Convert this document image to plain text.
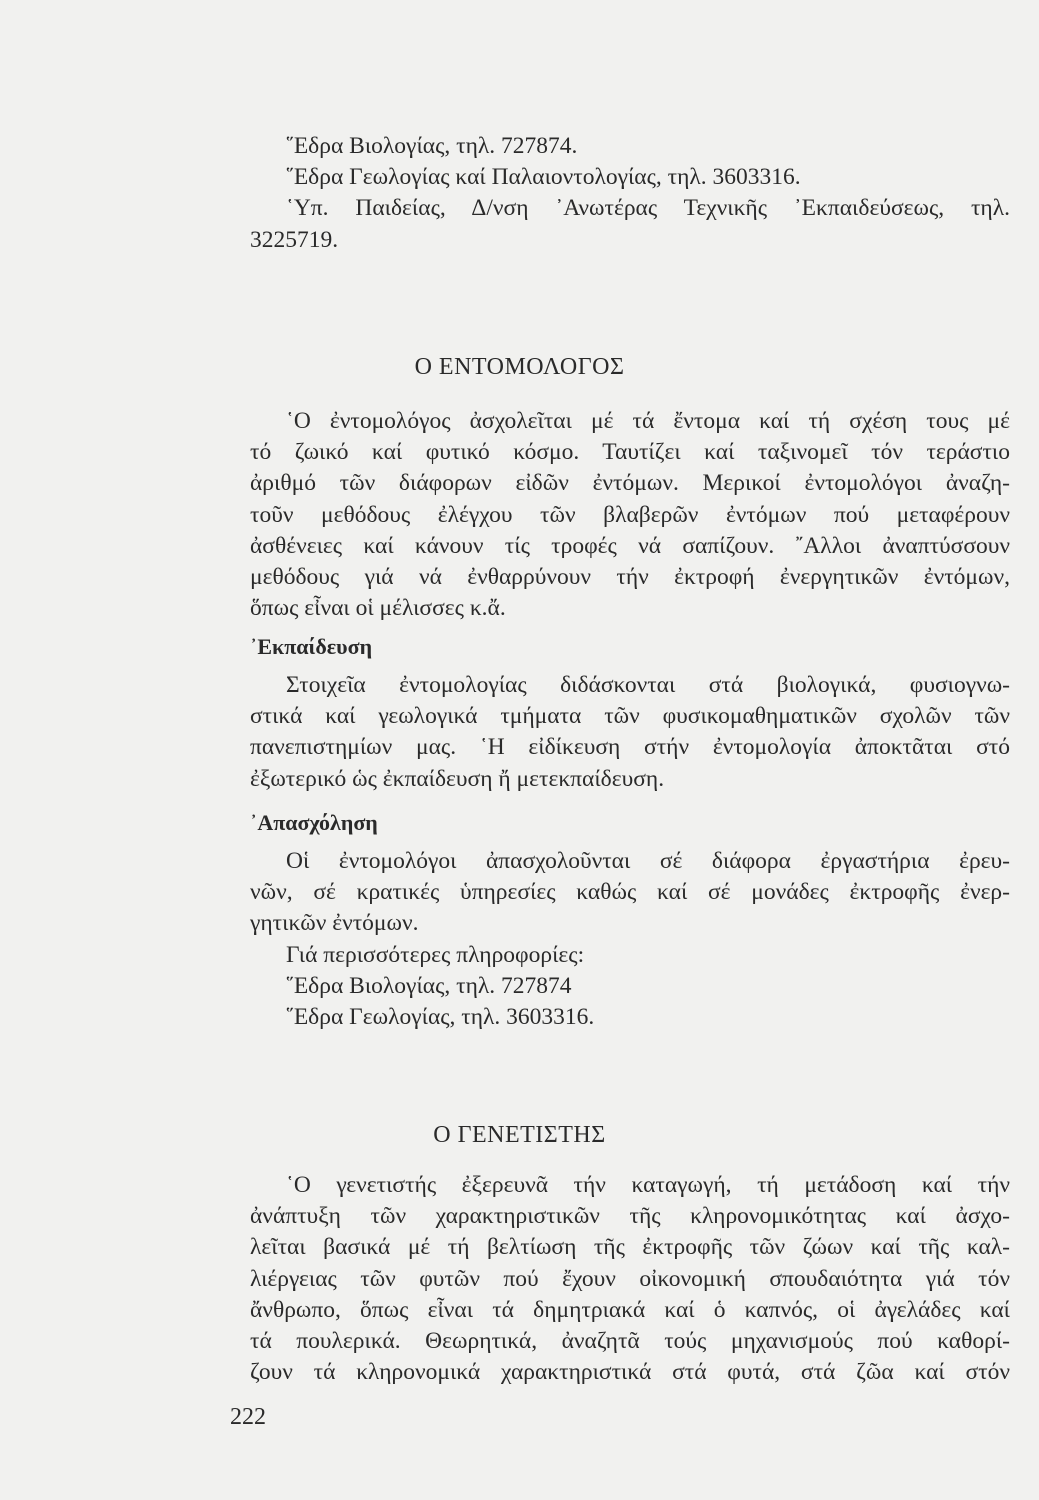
῞Εδρα Βιολογίας, τηλ. 727874.
῞Εδρα Γεωλογίας καί Παλαιοντολογίας, τηλ. 3603316.
῾Υπ. Παιδείας, Δ/νση ᾿Ανωτέρας Τεχνικῆς ᾿Εκπαιδεύσεως, τηλ.
3225719.
Ο ΕΝΤΟΜΟΛΟΓΟΣ
῾Ο ἐντομολόγος ἀσχολεῖται μέ τά ἔντομα καί τή σχέση τους μέ
τό ζωικό καί φυτικό κόσμο. Ταυτίζει καί ταξινομεῖ τόν τεράστιο
ἀριθμό τῶν διάφορων εἰδῶν ἐντόμων. Μερικοί ἐντομολόγοι ἀναζη-
τοῦν μεθόδους ἐλέγχου τῶν βλαβερῶν ἐντόμων πού μεταφέρουν
ἀσθένειες καί κάνουν τίς τροφές νά σαπίζουν. ῎Αλλοι ἀναπτύσσουν
μεθόδους γιά νά ἐνθαρρύνουν τήν ἐκτροφή ἐνεργητικῶν ἐντόμων,
ὅπως εἶναι οἱ μέλισσες κ.ἄ.
᾿Εκπαίδευση
Στοιχεῖα ἐντομολογίας διδάσκονται στά βιολογικά, φυσιογνω-
στικά καί γεωλογικά τμήματα τῶν φυσικομαθηματικῶν σχολῶν τῶν
πανεπιστημίων μας. ῾Η εἰδίκευση στήν ἐντομολογία ἀποκτᾶται στό
ἐξωτερικό ὡς ἐκπαίδευση ἤ μετεκπαίδευση.
᾿Απασχόληση
Οἱ ἐντομολόγοι ἀπασχολοῦνται σέ διάφορα ἐργαστήρια ἐρευ-
νῶν, σέ κρατικές ὑπηρεσίες καθώς καί σέ μονάδες ἐκτροφῆς ἐνερ-
γητικῶν ἐντόμων.
Γιά περισσότερες πληροφορίες:
῞Εδρα Βιολογίας, τηλ. 727874
῞Εδρα Γεωλογίας, τηλ. 3603316.
Ο ΓΕΝΕΤΙΣΤΗΣ
῾Ο γενετιστής ἐξερευνᾶ τήν καταγωγή, τή μετάδοση καί τήν
ἀνάπτυξη τῶν χαρακτηριστικῶν τῆς κληρονομικότητας καί ἀσχο-
λεῖται βασικά μέ τή βελτίωση τῆς ἐκτροφῆς τῶν ζώων καί τῆς καλ-
λιέργειας τῶν φυτῶν πού ἔχουν οἰκονομική σπουδαιότητα γιά τόν
ἄνθρωπο, ὅπως εἶναι τά δημητριακά καί ὁ καπνός, οἱ ἀγελάδες καί
τά πουλερικά. Θεωρητικά, ἀναζητᾶ τούς μηχανισμούς πού καθορί-
ζουν τά κληρονομικά χαρακτηριστικά στά φυτά, στά ζῶα καί στόν
222
